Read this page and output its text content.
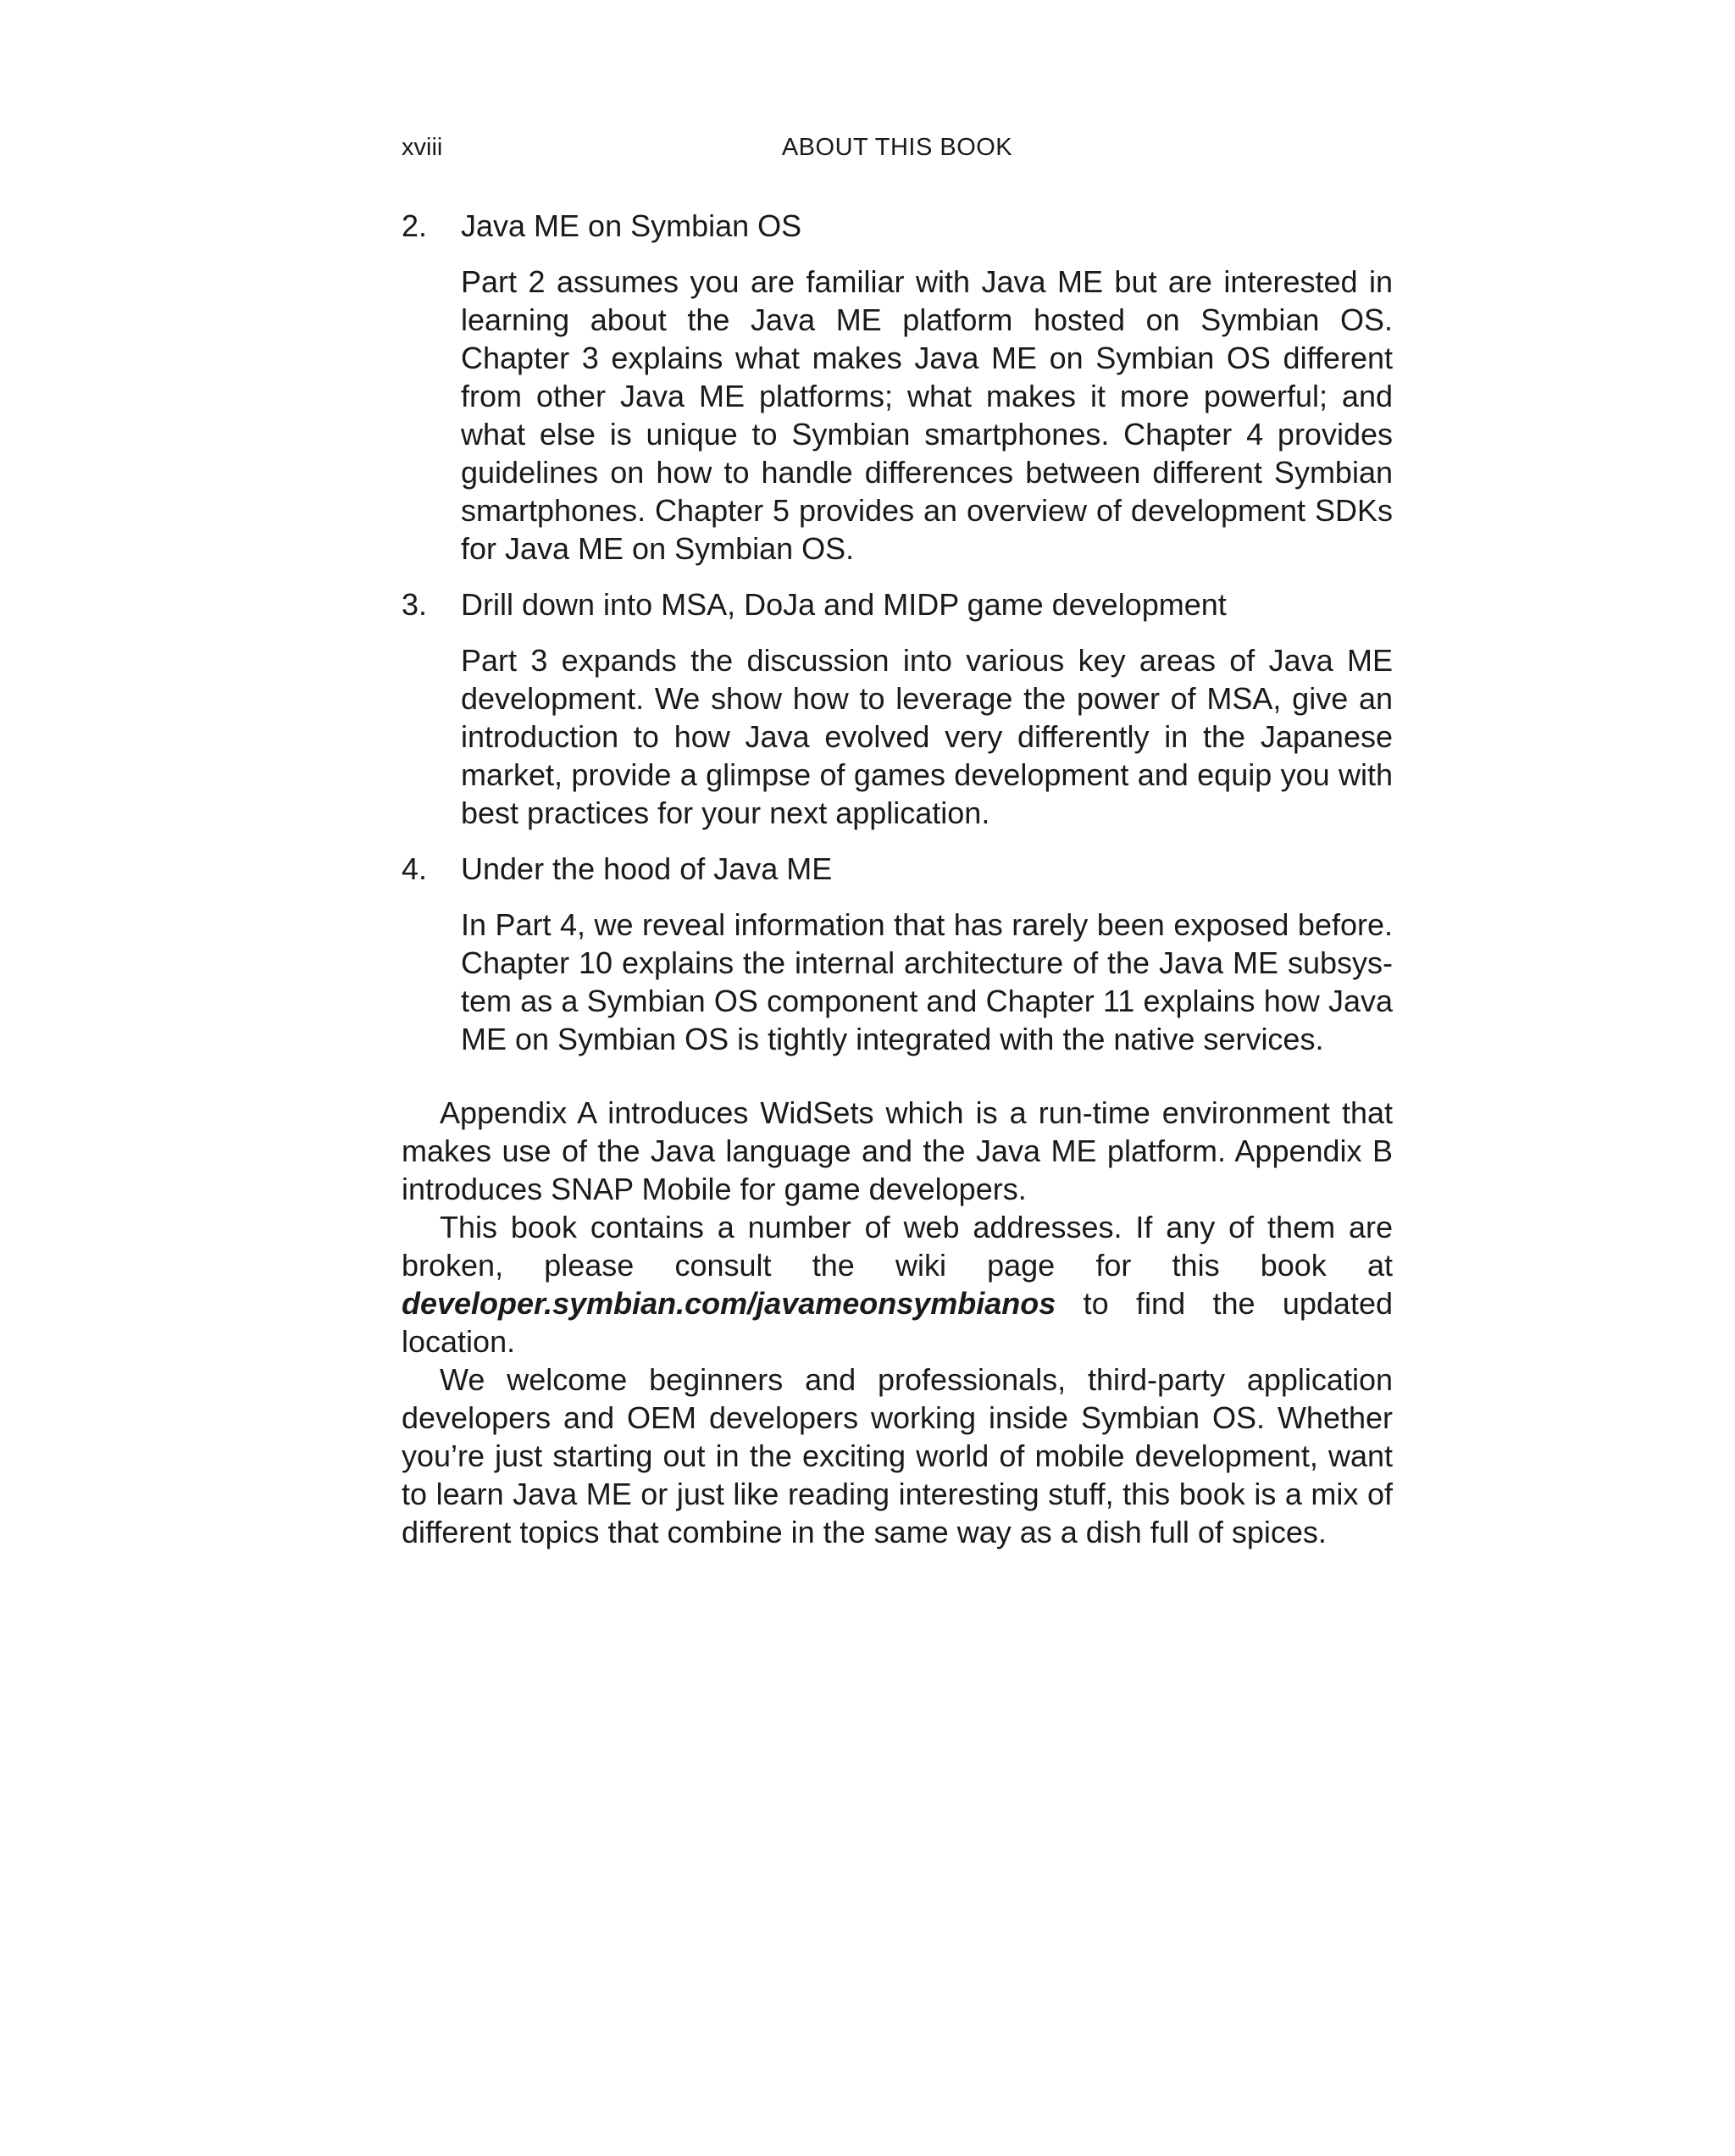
xviii	ABOUT THIS BOOK
2.	Java ME on Symbian OS

Part 2 assumes you are familiar with Java ME but are interested in learning about the Java ME platform hosted on Symbian OS. Chapter 3 explains what makes Java ME on Symbian OS different from other Java ME platforms; what makes it more powerful; and what else is unique to Symbian smartphones. Chapter 4 provides guidelines on how to handle differences between different Symbian smartphones. Chapter 5 provides an overview of development SDKs for Java ME on Symbian OS.

3.	Drill down into MSA, DoJa and MIDP game development

Part 3 expands the discussion into various key areas of Java ME development. We show how to leverage the power of MSA, give an introduction to how Java evolved very differently in the Japanese market, provide a glimpse of games development and equip you with best practices for your next application.

4.	Under the hood of Java ME

In Part 4, we reveal information that has rarely been exposed before. Chapter 10 explains the internal architecture of the Java ME subsystem as a Symbian OS component and Chapter 11 explains how Java ME on Symbian OS is tightly integrated with the native services.

Appendix A introduces WidSets which is a run-time environment that makes use of the Java language and the Java ME platform. Appendix B introduces SNAP Mobile for game developers.

This book contains a number of web addresses. If any of them are broken, please consult the wiki page for this book at developer.symbian.com/javameonsymbianos to find the updated location.

We welcome beginners and professionals, third-party application developers and OEM developers working inside Symbian OS. Whether you’re just starting out in the exciting world of mobile development, want to learn Java ME or just like reading interesting stuff, this book is a mix of different topics that combine in the same way as a dish full of spices.
